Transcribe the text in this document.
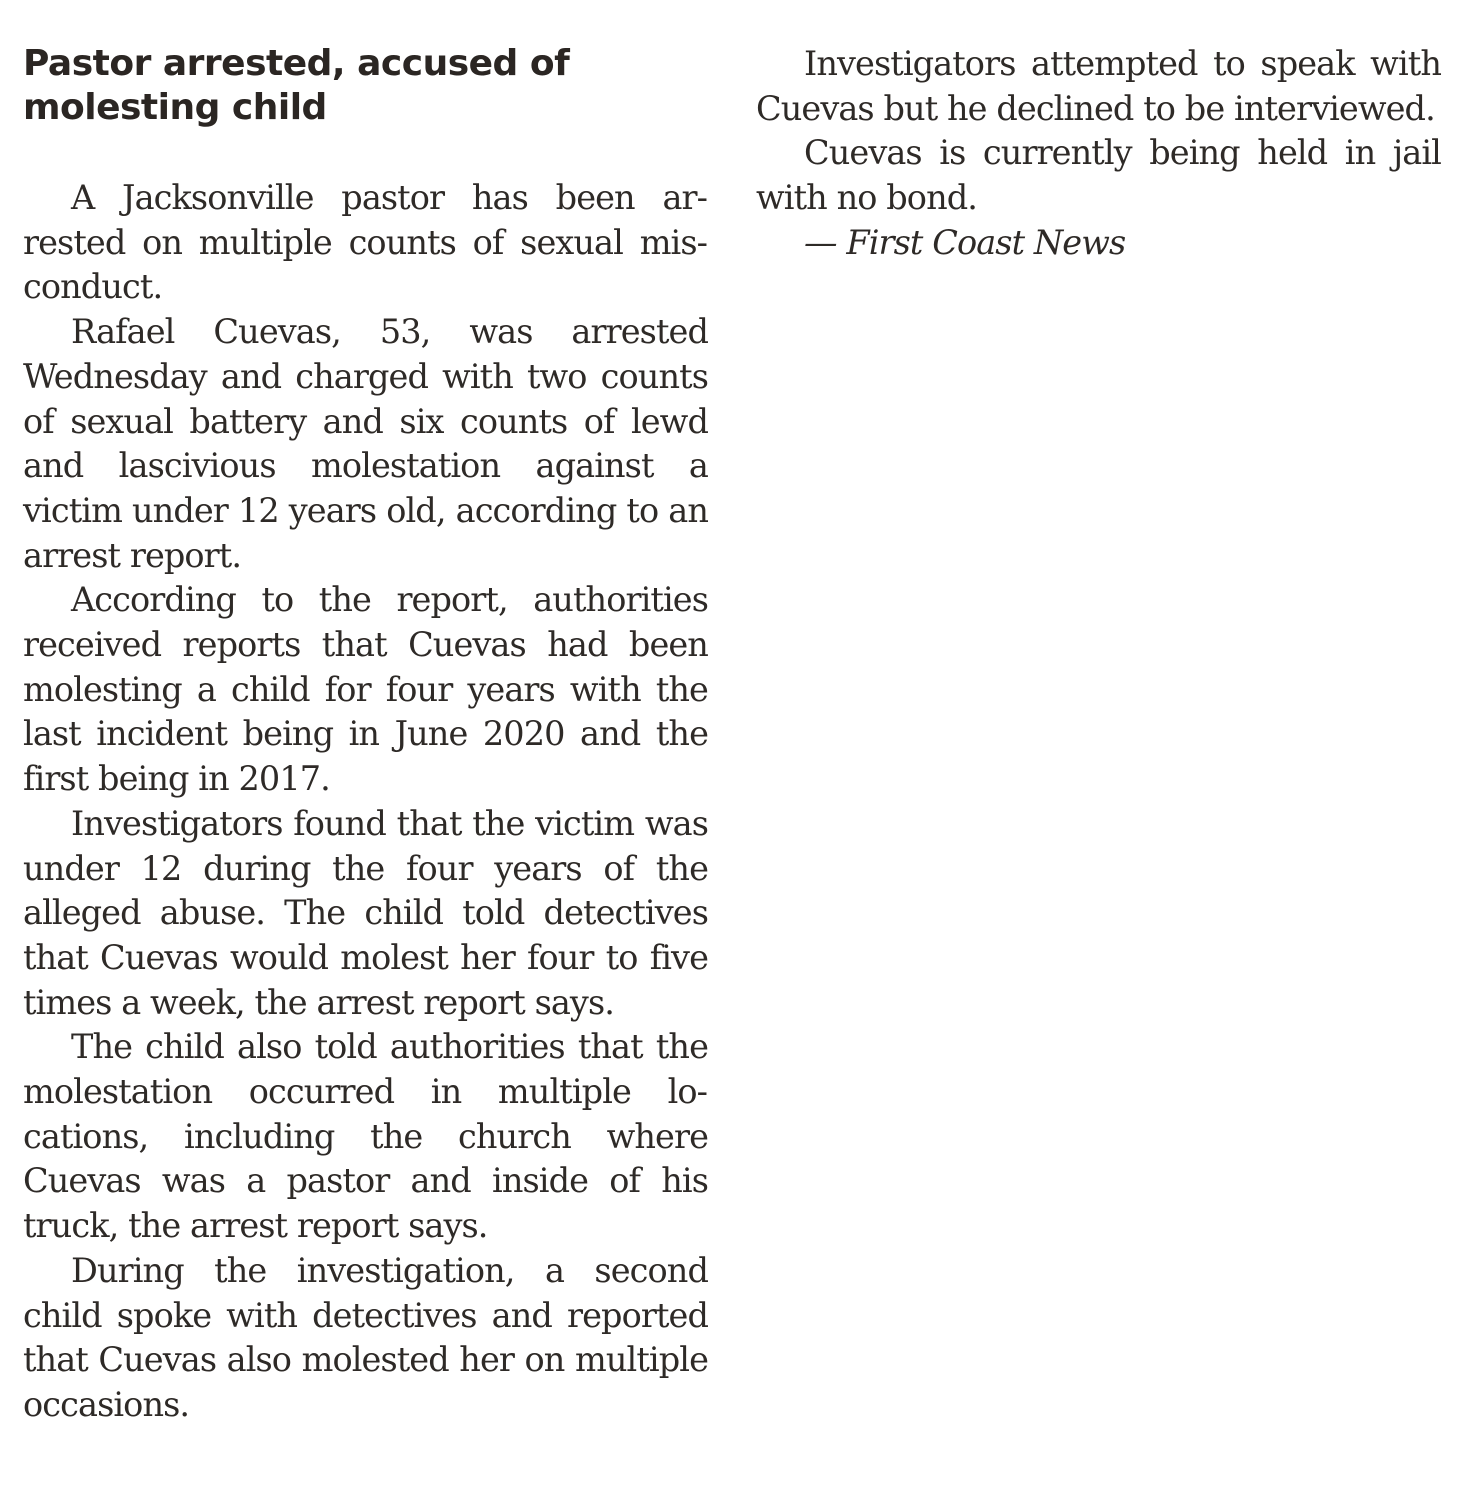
Pastor arrested, accused of molesting child

A Jacksonville pastor has been arrested on multiple counts of sexual misconduct.

Rafael Cuevas, 53, was arrested Wednesday and charged with two counts of sexual battery and six counts of lewd and lascivious molestation against a victim under 12 years old, according to an arrest report.

According to the report, authorities received reports that Cuevas had been molesting a child for four years with the last incident being in June 2020 and the first being in 2017.

Investigators found that the victim was under 12 during the four years of the alleged abuse. The child told detectives that Cuevas would molest her four to five times a week, the arrest report says.

The child also told authorities that the molestation occurred in multiple locations, including the church where Cuevas was a pastor and inside of his truck, the arrest report says.

During the investigation, a second child spoke with detectives and reported that Cuevas also molested her on multiple occasions.

Investigators attempted to speak with Cuevas but he declined to be interviewed.

Cuevas is currently being held in jail with no bond.

— First Coast News
